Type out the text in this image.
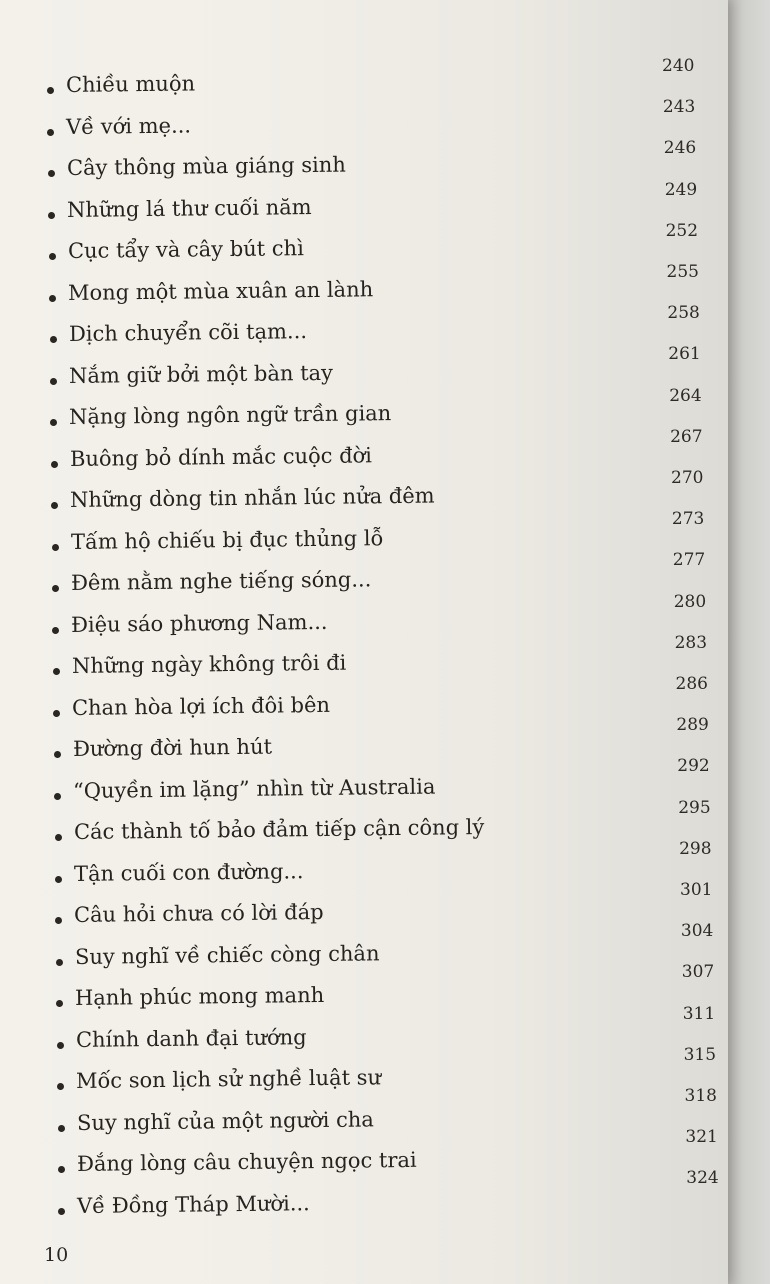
Chiều muộn
240
Về với mẹ...
243
Cây thông mùa giáng sinh
246
Những lá thư cuối năm
249
Cục tẩy và cây bút chì
252
Mong một mùa xuân an lành
255
Dịch chuyển cõi tạm...
258
Nắm giữ bởi một bàn tay
261
Nặng lòng ngôn ngữ trần gian
264
Buông bỏ dính mắc cuộc đời
267
Những dòng tin nhắn lúc nửa đêm
270
Tấm hộ chiếu bị đục thủng lỗ
273
Đêm nằm nghe tiếng sóng...
277
Điệu sáo phương Nam...
280
Những ngày không trôi đi
283
Chan hòa lợi ích đôi bên
286
Đường đời hun hút
289
“Quyền im lặng” nhìn từ Australia
292
Các thành tố bảo đảm tiếp cận công lý
295
Tận cuối con đường...
298
Câu hỏi chưa có lời đáp
301
Suy nghĩ về chiếc còng chân
304
Hạnh phúc mong manh
307
Chính danh đại tướng
311
Mốc son lịch sử nghề luật sư
315
Suy nghĩ của một người cha
318
Đắng lòng câu chuyện ngọc trai
321
Về Đồng Tháp Mười...
324
10
